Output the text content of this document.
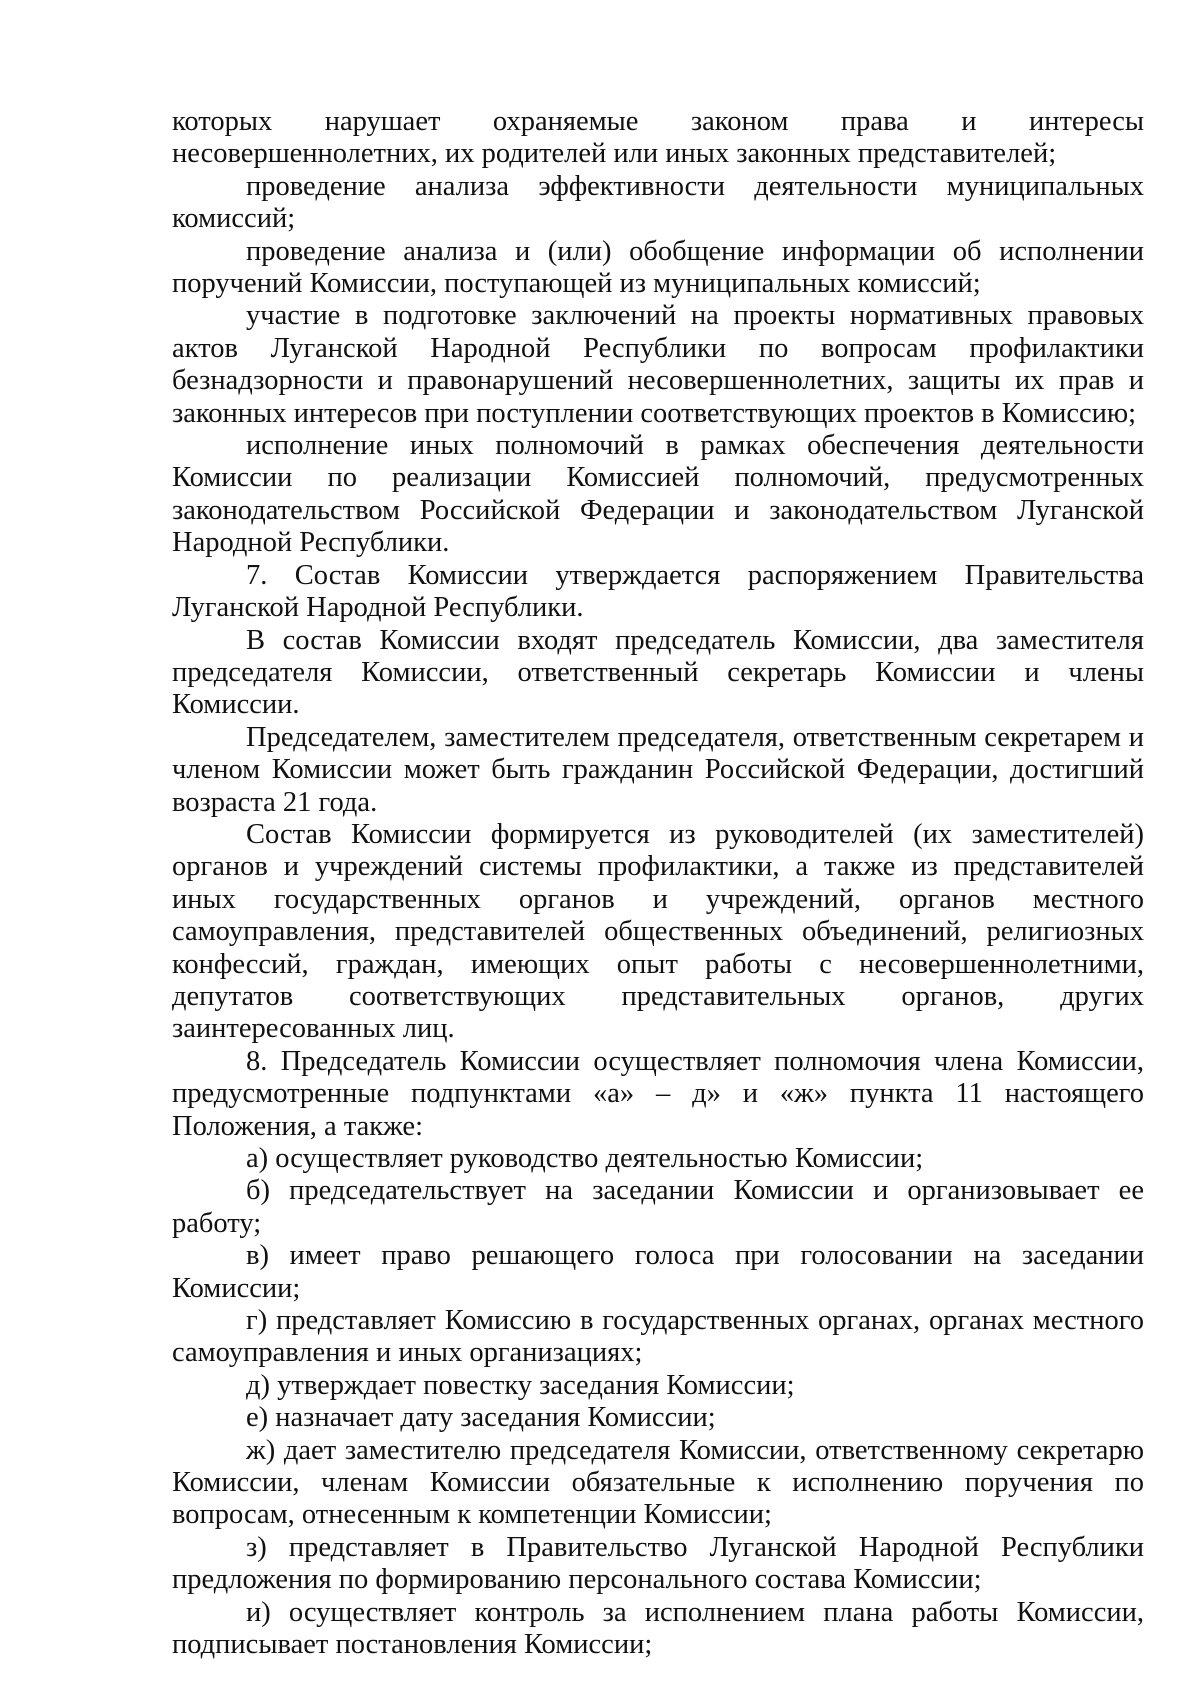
которых нарушает охраняемые законом права и интересы несовершеннолетних, их родителей или иных законных представителей;

проведение анализа эффективности деятельности муниципальных комиссий;

проведение анализа и (или) обобщение информации об исполнении поручений Комиссии, поступающей из муниципальных комиссий;

участие в подготовке заключений на проекты нормативных правовых актов Луганской Народной Республики по вопросам профилактики безнадзорности и правонарушений несовершеннолетних, защиты их прав и законных интересов при поступлении соответствующих проектов в Комиссию;

исполнение иных полномочий в рамках обеспечения деятельности Комиссии по реализации Комиссией полномочий, предусмотренных законодательством Российской Федерации и законодательством Луганской Народной Республики.

7. Состав Комиссии утверждается распоряжением Правительства Луганской Народной Республики.

В состав Комиссии входят председатель Комиссии, два заместителя председателя Комиссии, ответственный секретарь Комиссии и члены Комиссии.

Председателем, заместителем председателя, ответственным секретарем и членом Комиссии может быть гражданин Российской Федерации, достигший возраста 21 года.

Состав Комиссии формируется из руководителей (их заместителей) органов и учреждений системы профилактики, а также из представителей иных государственных органов и учреждений, органов местного самоуправления, представителей общественных объединений, религиозных конфессий, граждан, имеющих опыт работы с несовершеннолетними, депутатов соответствующих представительных органов, других заинтересованных лиц.

8. Председатель Комиссии осуществляет полномочия члена Комиссии, предусмотренные подпунктами «а» – д» и «ж» пункта 11 настоящего Положения, а также:

а) осуществляет руководство деятельностью Комиссии;

б) председательствует на заседании Комиссии и организовывает ее работу;

в) имеет право решающего голоса при голосовании на заседании Комиссии;

г) представляет Комиссию в государственных органах, органах местного самоуправления и иных организациях;

д) утверждает повестку заседания Комиссии;

е) назначает дату заседания Комиссии;

ж) дает заместителю председателя Комиссии, ответственному секретарю Комиссии, членам Комиссии обязательные к исполнению поручения по вопросам, отнесенным к компетенции Комиссии;

з) представляет в Правительство Луганской Народной Республики предложения по формированию персонального состава Комиссии;

и) осуществляет контроль за исполнением плана работы Комиссии, подписывает постановления Комиссии;
